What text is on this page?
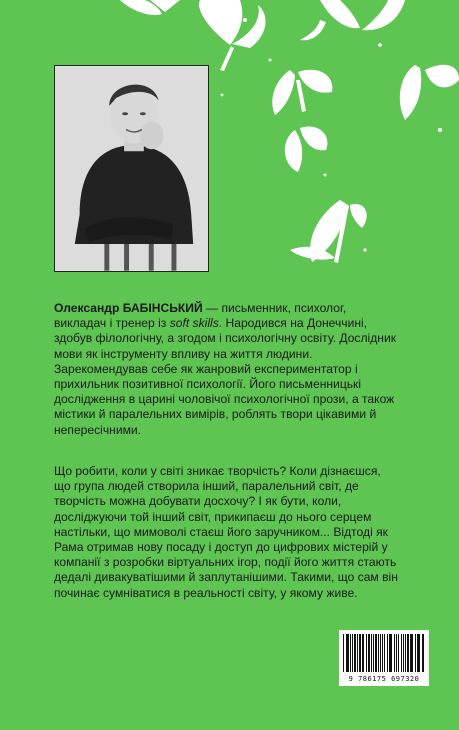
Олександр БАБІНСЬКИЙ — письменник, психолог, викладач і тренер із soft skills. Народився на Донеччині, здобув філологічну, а згодом і психологічну освіту. Дослідник мови як інструменту впливу на життя людини. Зарекомендував себе як жанровий експериментатор і прихильник позитивної психології. Його письменницькі дослідження в царині чоловічої психологічної прози, а також містики й паралельних вимірів, роблять твори цікавими й непересічними.

Що робити, коли у світі зникає творчість? Коли дізнаєшся, що група людей створила інший, паралельний світ, де творчість можна добувати досхочу? І як бути, коли, досліджуючи той інший світ, прикипаєш до нього серцем настільки, що мимоволі стаєш його заручником... Відтоді як Рама отримав нову посаду і доступ до цифрових містерій у компанії з розробки віртуальних ігор, події його життя стають дедалі дивакуватішими й заплутанішими. Такими, що сам він починає сумніватися в реальності світу, у якому живе.

9 786175 697320
